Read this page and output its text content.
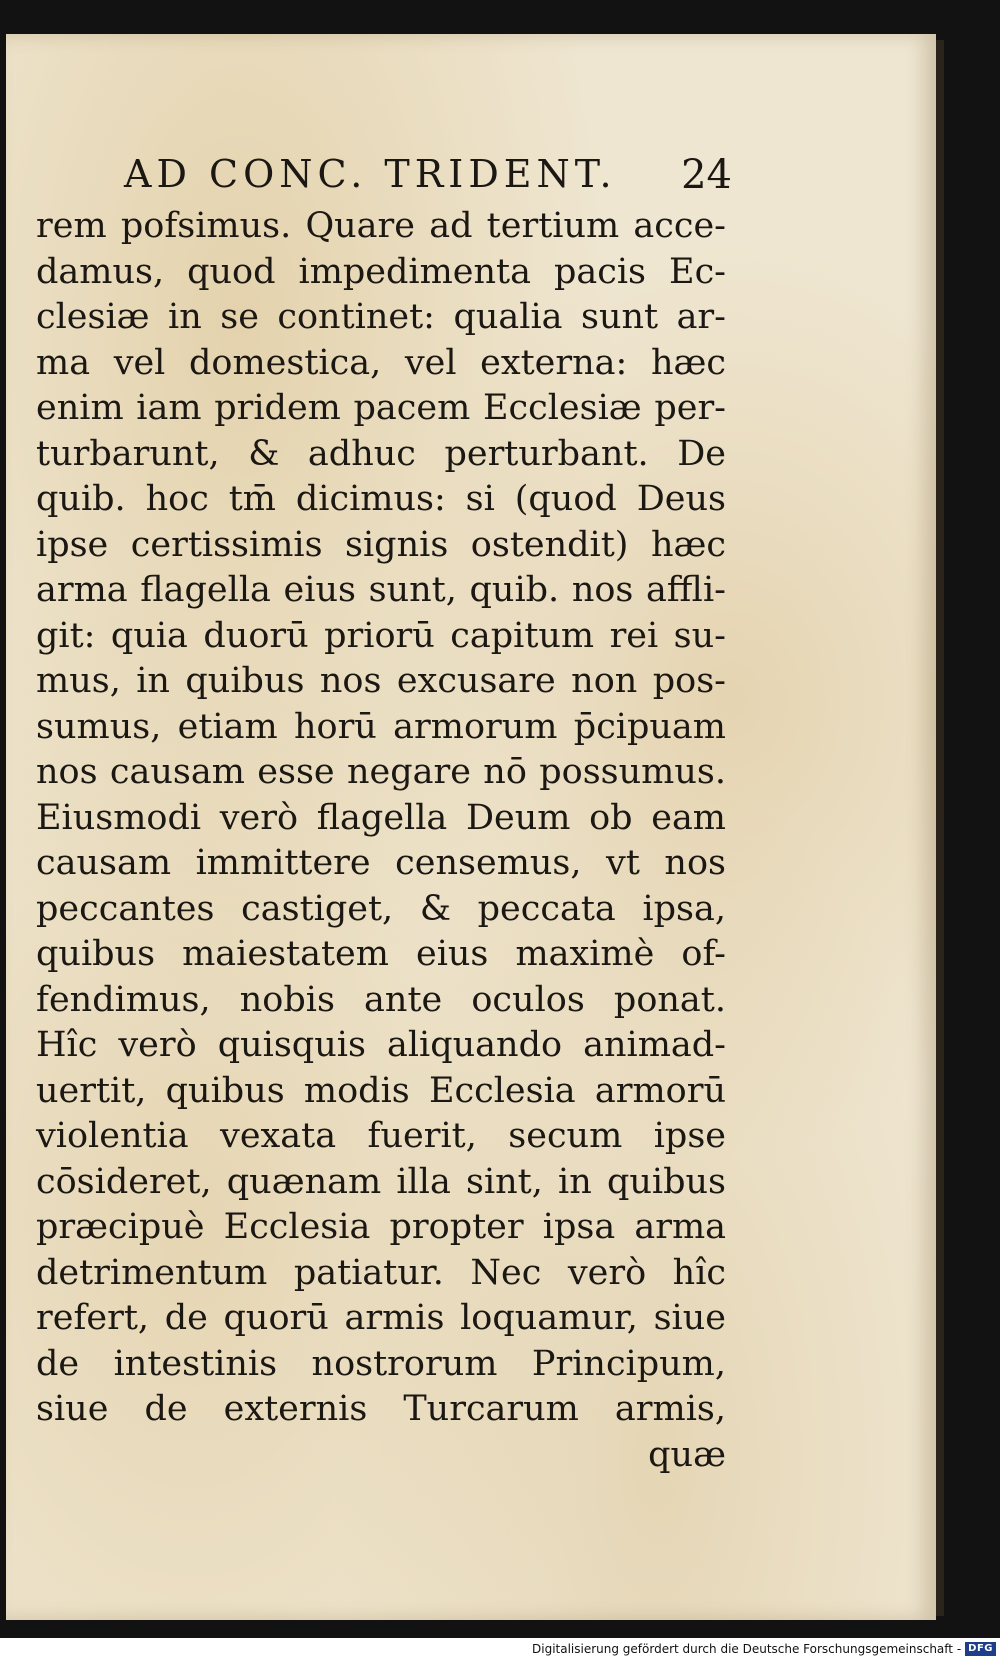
AD CONC. TRIDENT. 24
rem pofsimus. Quare ad tertium acce-
damus, quod impedimenta pacis Ec-
clesiæ in se continet: qualia sunt ar-
ma vel domestica, vel externa: hæc
enim iam pridem pacem Ecclesiæ per-
turbarunt, & adhuc perturbant. De
quib. hoc tm̄ dicimus: si (quod Deus
ipse certissimis signis ostendit) hæc
arma flagella eius sunt, quib. nos affli-
git: quia duorū priorū capitum rei su-
mus, in quibus nos excusare non pos-
sumus, etiam horū armorum p̄cipuam
nos causam esse negare nō possumus.
Eiusmodi verò flagella Deum ob eam
causam immittere censemus, vt nos
peccantes castiget, & peccata ipsa,
quibus maiestatem eius maximè of-
fendimus, nobis ante oculos ponat.
Hîc verò quisquis aliquando animad-
uertit, quibus modis Ecclesia armorū
violentia vexata fuerit, secum ipse
cōsideret, quænam illa sint, in quibus
præcipuè Ecclesia propter ipsa arma
detrimentum patiatur. Nec verò hîc
refert, de quorū armis loquamur, siue
de intestinis nostrorum Principum,
siue de externis Turcarum armis,
quæ
Digitalisierung gefördert durch die Deutsche Forschungsgemeinschaft - DFG
